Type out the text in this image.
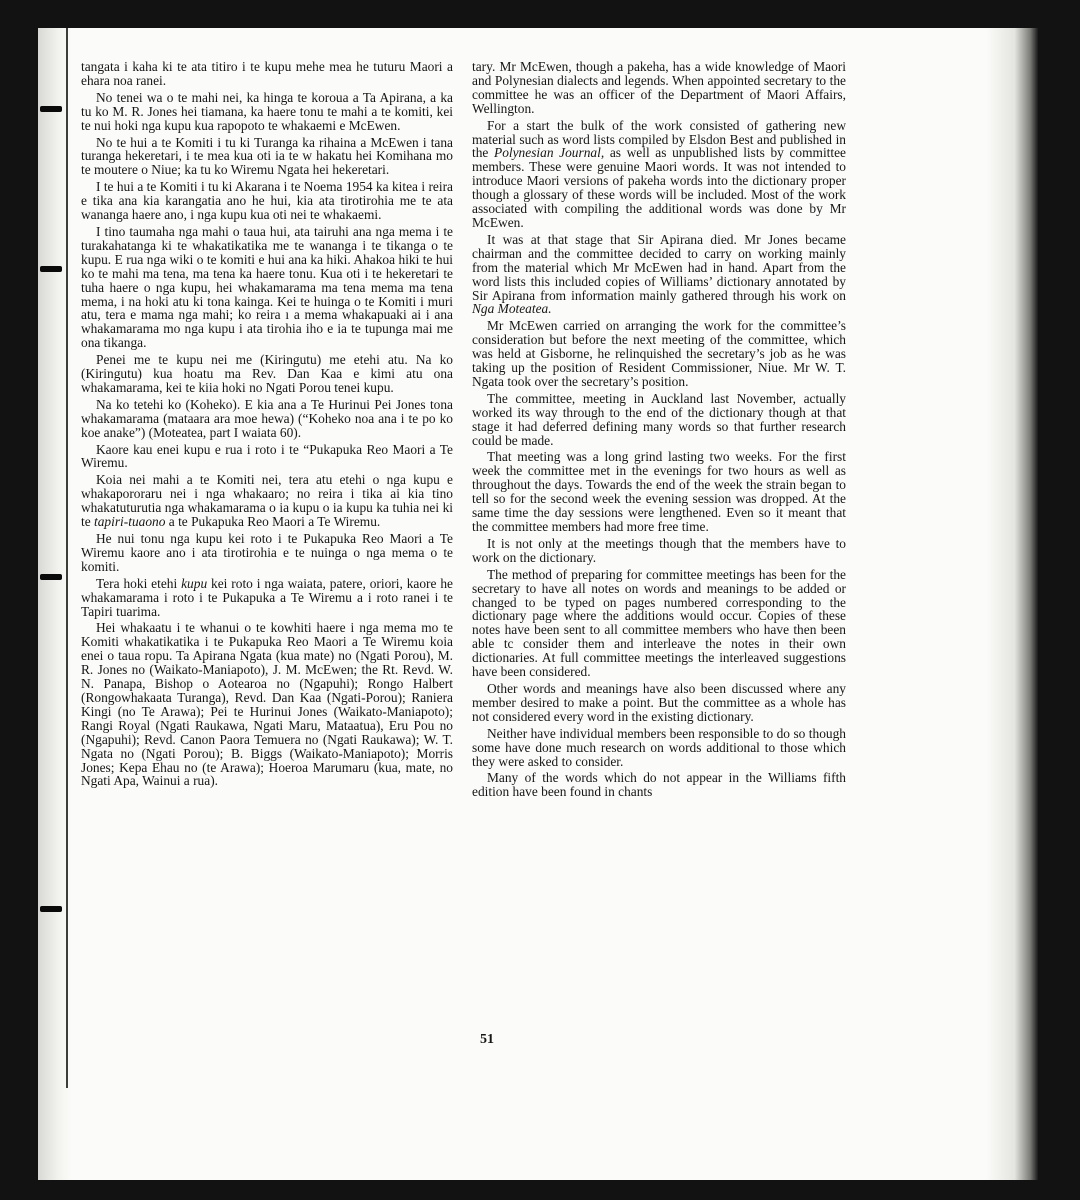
tangata i kaha ki te ata titiro i te kupu mehe mea he tuturu Maori a ehara noa ranei.

No tenei wa o te mahi nei, ka hinga te koroua a Ta Apirana, a ka tu ko M. R. Jones hei tiamana, ka haere tonu te mahi a te komiti, kei te nui hoki nga kupu kua rapopoto te whakaemi e McEwen.

No te hui a te Komiti i tu ki Turanga ka rihaina a McEwen i tana turanga hekeretari, i te mea kua oti ia te w hakatu hei Komihana mo te moutere o Niue; ka tu ko Wiremu Ngata hei hekeretari.

I te hui a te Komiti i tu ki Akarana i te Noema 1954 ka kitea i reira e tika ana kia karangatia ano he hui, kia ata tirotirohia me te ata wananga haere ano, i nga kupu kua oti nei te whakaemi.

I tino taumaha nga mahi o taua hui, ata tairuhi ana nga mema i te turakahatanga ki te whakatikatika me te wananga i te tikanga o te kupu. E rua nga wiki o te komiti e hui ana ka hiki. Ahakoa hiki te hui ko te mahi ma tena, ma tena ka haere tonu. Kua oti i te hekeretari te tuha haere o nga kupu, hei whakamarama ma tena mema ma tena mema, i na hoki atu ki tona kainga. Kei te huinga o te Komiti i muri atu, tera e mama nga mahi; ko reira ı a mema whakapuaki ai i ana whakamarama mo nga kupu i ata tirohia iho e ia te tupunga mai me ona tikanga.

Penei me te kupu nei me (Kiringutu) me etehi atu. Na ko (Kiringutu) kua hoatu ma Rev. Dan Kaa e kimi atu ona whakamarama, kei te kiia hoki no Ngati Porou tenei kupu.

Na ko tetehi ko (Koheko). E kia ana a Te Hurinui Pei Jones tona whakamarama (mataara ara moe hewa) (“Koheko noa ana i te po ko koe anake”) (Moteatea, part I waiata 60).

Kaore kau enei kupu e rua i roto i te “Pukapuka Reo Maori a Te Wiremu.

Koia nei mahi a te Komiti nei, tera atu etehi o nga kupu e whakapororaru nei i nga whakaaro; no reira i tika ai kia tino whakatuturutia nga whakamarama o ia kupu o ia kupu ka tuhia nei ki te tapiri-tuaono a te Pukapuka Reo Maori a Te Wiremu.

He nui tonu nga kupu kei roto i te Pukapuka Reo Maori a Te Wiremu kaore ano i ata tirotirohia e te nuinga o nga mema o te komiti.

Tera hoki etehi kupu kei roto i nga waiata, patere, oriori, kaore he whakamarama i roto i te Pukapuka a Te Wiremu a i roto ranei i te Tapiri tuarima.

Hei whakaatu i te whanui o te kowhiti haere i nga mema mo te Komiti whakatikatika i te Pukapuka Reo Maori a Te Wiremu koia enei o taua ropu. Ta Apirana Ngata (kua mate) no (Ngati Porou), M. R. Jones no (Waikato-Maniapoto), J. M. McEwen; the Rt. Revd. W. N. Panapa, Bishop o Aotearoa no (Ngapuhi); Rongo Halbert (Rongowhakaata Turanga), Revd. Dan Kaa (Ngati-Porou); Raniera Kingi (no Te Arawa); Pei te Hurinui Jones (Waikato-Maniapoto); Rangi Royal (Ngati Raukawa, Ngati Maru, Mataatua), Eru Pou no (Ngapuhi); Revd. Canon Paora Temuera no (Ngati Raukawa); W. T. Ngata no (Ngati Porou); B. Biggs (Waikato-Maniapoto); Morris Jones; Kepa Ehau no (te Arawa); Hoeroa Marumaru (kua, mate, no Ngati Apa, Wainui a rua).

tary. Mr McEwen, though a pakeha, has a wide knowledge of Maori and Polynesian dialects and legends. When appointed secretary to the committee he was an officer of the Department of Maori Affairs, Wellington.

For a start the bulk of the work consisted of gathering new material such as word lists compiled by Elsdon Best and published in the Polynesian Journal, as well as unpublished lists by committee members. These were genuine Maori words. It was not intended to introduce Maori versions of pakeha words into the dictionary proper though a glossary of these words will be included. Most of the work associated with compiling the additional words was done by Mr McEwen.

It was at that stage that Sir Apirana died. Mr Jones became chairman and the committee decided to carry on working mainly from the material which Mr McEwen had in hand. Apart from the word lists this included copies of Williams’ dictionary annotated by Sir Apirana from information mainly gathered through his work on Nga Moteatea.

Mr McEwen carried on arranging the work for the committee’s consideration but before the next meeting of the committee, which was held at Gisborne, he relinquished the secretary’s job as he was taking up the position of Resident Commissioner, Niue. Mr W. T. Ngata took over the secretary’s position.

The committee, meeting in Auckland last November, actually worked its way through to the end of the dictionary though at that stage it had deferred defining many words so that further research could be made.

That meeting was a long grind lasting two weeks. For the first week the committee met in the evenings for two hours as well as throughout the days. Towards the end of the week the strain began to tell so for the second week the evening session was dropped. At the same time the day sessions were lengthened. Even so it meant that the committee members had more free time.

It is not only at the meetings though that the members have to work on the dictionary.

The method of preparing for committee meetings has been for the secretary to have all notes on words and meanings to be added or changed to be typed on pages numbered corresponding to the dictionary page where the additions would occur. Copies of these notes have been sent to all committee members who have then been able tc consider them and interleave the notes in their own dictionaries. At full committee meetings the interleaved suggestions have been considered.

Other words and meanings have also been discussed where any member desired to make a point. But the committee as a whole has not considered every word in the existing dictionary.

Neither have individual members been responsible to do so though some have done much research on words additional to those which they were asked to consider.

Many of the words which do not appear in the Williams fifth edition have been found in chants

51
